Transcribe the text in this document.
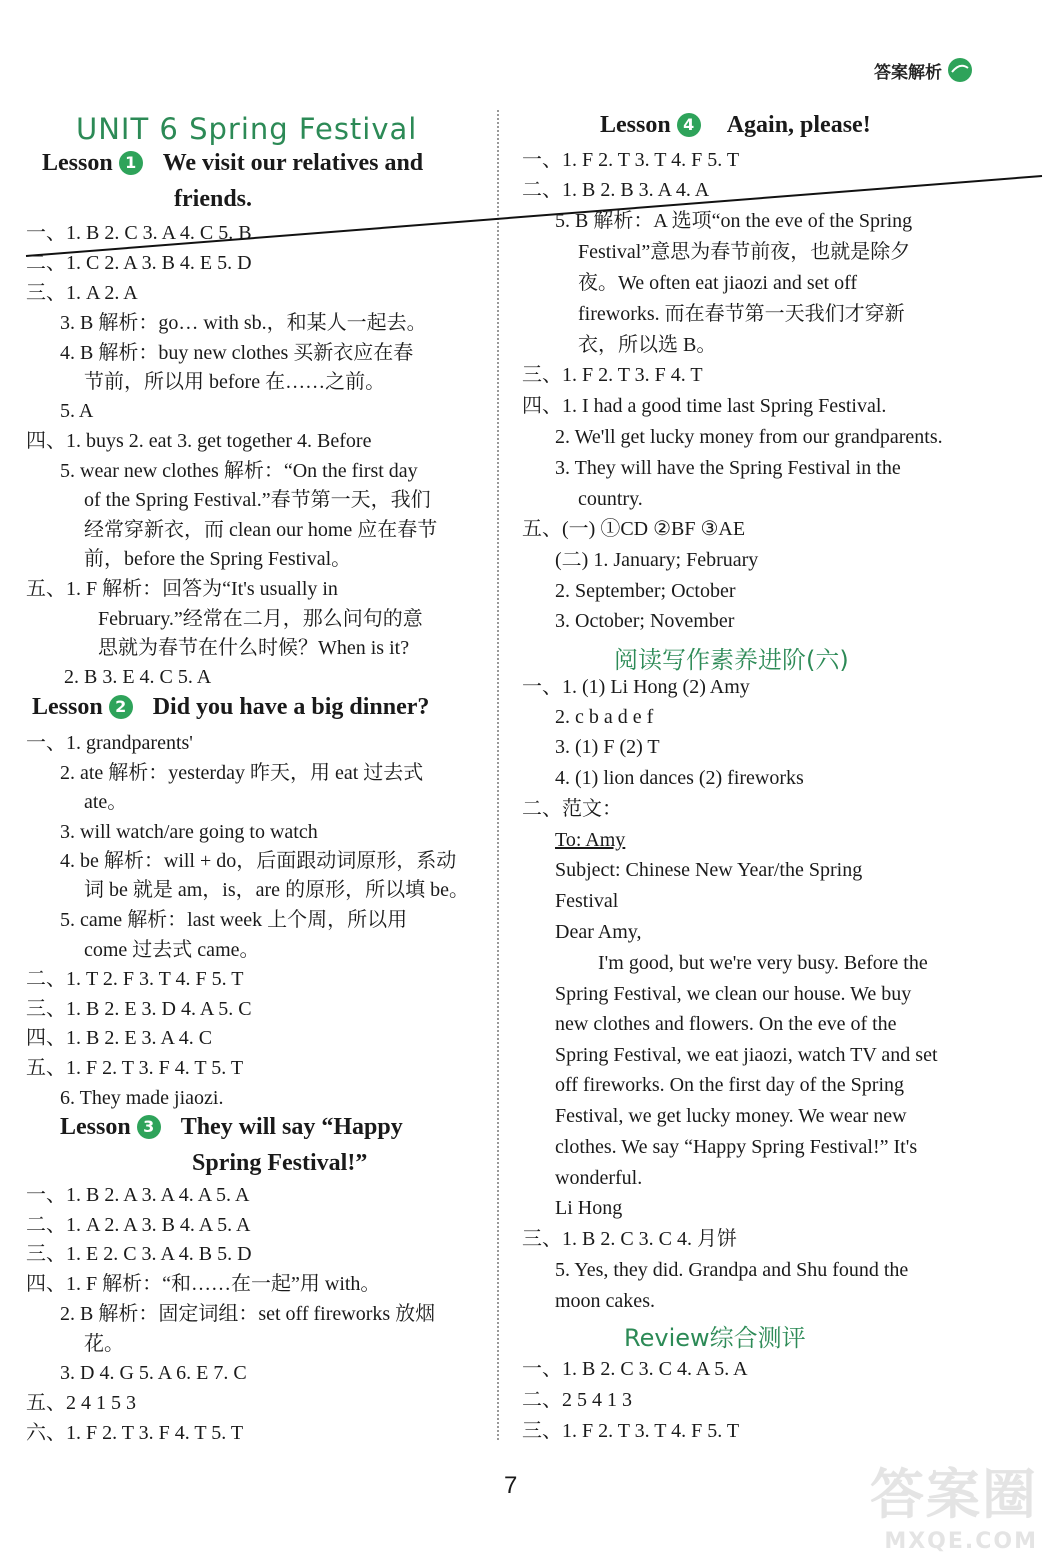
答案解析
UNIT 6 Spring Festival
Lesson 1 We visit our relatives and
friends.
一、1. B 2. C 3. A 4. C 5. B
二、1. C 2. A 3. B 4. E 5. D
三、1. A 2. A
3. B 解析：go… with sb.，和某人一起去。
4. B 解析：buy new clothes 买新衣应在春
节前，所以用 before 在……之前。
5. A
四、1. buys 2. eat 3. get together 4. Before
5. wear new clothes 解析：“On the first day
of the Spring Festival.”春节第一天，我们
经常穿新衣，而 clean our home 应在春节
前，before the Spring Festival。
五、1. F 解析：回答为“It's usually in
February.”经常在二月，那么问句的意
思就为春节在什么时候？When is it?
2. B 3. E 4. C 5. A
Lesson 2 Did you have a big dinner?
一、1. grandparents'
2. ate 解析：yesterday 昨天，用 eat 过去式
ate。
3. will watch/are going to watch
4. be 解析：will + do，后面跟动词原形，系动
词 be 就是 am，is，are 的原形，所以填 be。
5. came 解析：last week 上个周，所以用
come 过去式 came。
二、1. T 2. F 3. T 4. F 5. T
三、1. B 2. E 3. D 4. A 5. C
四、1. B 2. E 3. A 4. C
五、1. F 2. T 3. F 4. T 5. T
6. They made jiaozi.
Lesson 3 They will say “Happy
Spring Festival!”
一、1. B 2. A 3. A 4. A 5. A
二、1. A 2. A 3. B 4. A 5. A
三、1. E 2. C 3. A 4. B 5. D
四、1. F 解析：“和……在一起”用 with。
2. B 解析：固定词组：set off fireworks 放烟
花。
3. D 4. G 5. A 6. E 7. C
五、2 4 1 5 3
六、1. F 2. T 3. F 4. T 5. T
Lesson 4 Again, please!
一、1. F 2. T 3. T 4. F 5. T
二、1. B 2. B 3. A 4. A
5. B 解析：A 选项“on the eve of the Spring
Festival”意思为春节前夜，也就是除夕
夜。We often eat jiaozi and set off
fireworks. 而在春节第一天我们才穿新
衣，所以选 B。
三、1. F 2. T 3. F 4. T
四、1. I had a good time last Spring Festival.
2. We'll get lucky money from our grandparents.
3. They will have the Spring Festival in the
country.
五、(一) ①CD ②BF ③AE
(二) 1. January; February
2. September; October
3. October; November
阅读写作素养进阶(六)
一、1. (1) Li Hong (2) Amy
2. c b a d e f
3. (1) F (2) T
4. (1) lion dances (2) fireworks
二、范文：
To: Amy
Subject: Chinese New Year/the Spring
Festival
Dear Amy,
I'm good, but we're very busy. Before the
Spring Festival, we clean our house. We buy
new clothes and flowers. On the eve of the
Spring Festival, we eat jiaozi, watch TV and set
off fireworks. On the first day of the Spring
Festival, we get lucky money. We wear new
clothes. We say “Happy Spring Festival!” It's
wonderful.
Li Hong
三、1. B 2. C 3. C 4. 月饼
5. Yes, they did. Grandpa and Shu found the
moon cakes.
Review综合测评
一、1. B 2. C 3. C 4. A 5. A
二、2 5 4 1 3
三、1. F 2. T 3. T 4. F 5. T
7	答案圈
MXQE.COM
